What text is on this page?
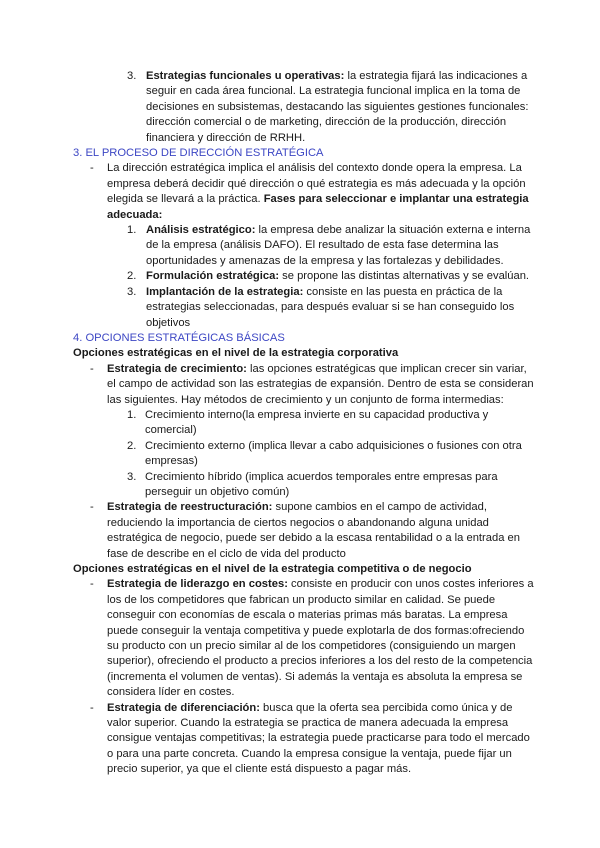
3. Estrategias funcionales u operativas: la estrategia fijará las indicaciones a seguir en cada área funcional. La estrategia funcional implica en la toma de decisiones en subsistemas, destacando las siguientes gestiones funcionales: dirección comercial o de marketing, dirección de la producción, dirección financiera y dirección de RRHH.
3. EL PROCESO DE DIRECCIÓN ESTRATÉGICA
- La dirección estratégica implica el análisis del contexto donde opera la empresa. La empresa deberá decidir qué dirección o qué estrategia es más adecuada y la opción elegida se llevará a la práctica. Fases para seleccionar e implantar una estrategia adecuada:
1. Análisis estratégico: la empresa debe analizar la situación externa e interna de la empresa (análisis DAFO). El resultado de esta fase determina las oportunidades y amenazas de la empresa y las fortalezas y debilidades.
2. Formulación estratégica: se propone las distintas alternativas y se evalúan.
3. Implantación de la estrategia: consiste en las puesta en práctica de la estrategias seleccionadas, para después evaluar si se han conseguido los objetivos
4. OPCIONES ESTRATÉGICAS BÁSICAS
Opciones estratégicas en el nivel de la estrategia corporativa
- Estrategia de crecimiento: las opciones estratégicas que implican crecer sin variar, el campo de actividad son las estrategias de expansión. Dentro de esta se consideran las siguientes. Hay métodos de crecimiento y un conjunto de forma intermedias:
1. Crecimiento interno(la empresa invierte en su capacidad productiva y comercial)
2. Crecimiento externo (implica llevar a cabo adquisiciones o fusiones con otra empresas)
3. Crecimiento híbrido (implica acuerdos temporales entre empresas para perseguir un objetivo común)
- Estrategia de reestructuración: supone cambios en el campo de actividad, reduciendo la importancia de ciertos negocios o abandonando alguna unidad estratégica de negocio, puede ser debido a la escasa rentabilidad o a la entrada en fase de describe en el ciclo de vida del producto
Opciones estratégicas en el nivel de la estrategia competitiva o de negocio
- Estrategia de liderazgo en costes: consiste en producir con unos costes inferiores a los de los competidores que fabrican un producto similar en calidad. Se puede conseguir con economías de escala o materias primas más baratas. La empresa puede conseguir la ventaja competitiva y puede explotarla de dos formas:ofreciendo su producto con un precio similar al de los competidores (consiguiendo un margen superior), ofreciendo el producto a precios inferiores a los del resto de la competencia (incrementa el volumen de ventas). Si además la ventaja es absoluta la empresa se considera líder en costes.
- Estrategia de diferenciación: busca que la oferta sea percibida como única y de valor superior. Cuando la estrategia se practica de manera adecuada la empresa consigue ventajas competitivas; la estrategia puede practicarse para todo el mercado o para una parte concreta. Cuando la empresa consigue la ventaja, puede fijar un precio superior, ya que el cliente está dispuesto a pagar más.
